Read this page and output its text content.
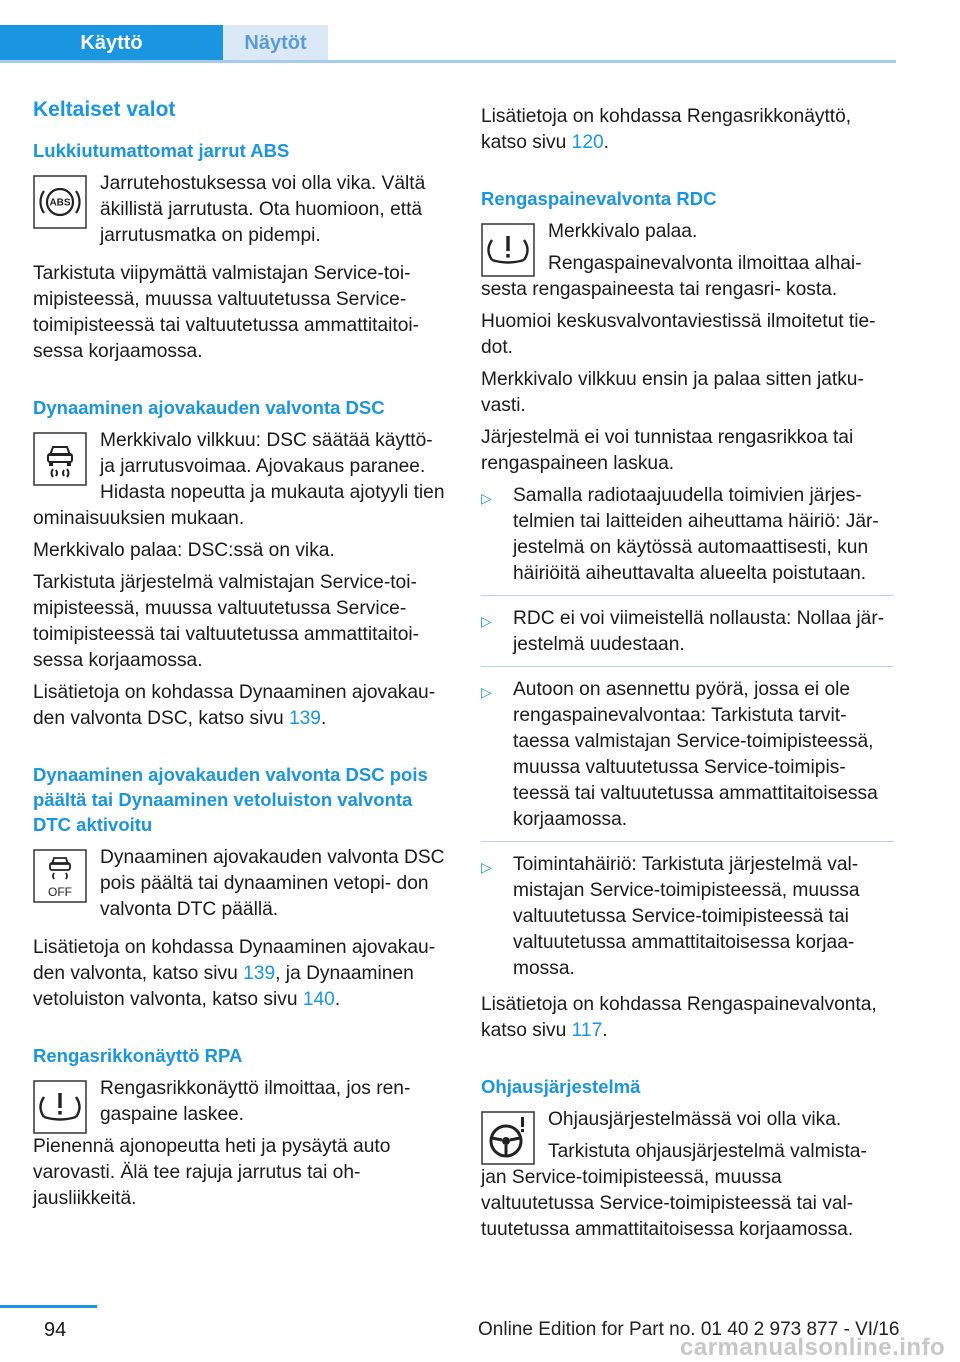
Käyttö	Näytöt
Keltaiset valot
Lukkiutumattomat jarrut ABS
ABS

Jarrutehostuksessa voi olla vika. Vältä äkillistä jarrutusta. Ota huomioon, että jarrutusmatka on pidempi.

Tarkistuta viipymättä valmistajan Service-toi- mipisteessä, muussa valtuutetussa Service- toimipisteessä tai valtuutetussa ammattitaitoi- sessa korjaamossa.

Dynaaminen ajovakauden valvonta DSC

Merkkivalo vilkkuu: DSC säätää käyttö- ja jarrutusvoimaa. Ajovakaus paranee. Hidasta nopeutta ja mukauta ajotyyli tien ominaisuuksien mukaan.

Merkkivalo palaa: DSC:ssä on vika.

Tarkistuta järjestelmä valmistajan Service-toi- mipisteessä, muussa valtuutetussa Service- toimipisteessä tai valtuutetussa ammattitaitoi- sessa korjaamossa.

Lisätietoja on kohdassa Dynaaminen ajovakau- den valvonta DSC, katso sivu 139.

Dynaaminen ajovakauden valvonta DSC pois päältä tai Dynaaminen vetoluiston valvonta DTC aktivoitu
OFF

Dynaaminen ajovakauden valvonta DSC pois päältä tai dynaaminen vetopi- don valvonta DTC päällä.

Lisätietoja on kohdassa Dynaaminen ajovakau- den valvonta, katso sivu 139, ja Dynaaminen vetoluiston valvonta, katso sivu 140.

Rengasrikkonäyttö RPA

Rengasrikkonäyttö ilmoittaa, jos ren- gaspaine laskee.

Pienennä ajonopeutta heti ja pysäytä auto varovasti. Älä tee rajuja jarrutus tai oh- jausliikkeitä.

Lisätietoja on kohdassa Rengasrikkonäyttö, katso sivu 120.

Rengaspainevalvonta RDC

Merkkivalo palaa.

Rengaspainevalvonta ilmoittaa alhai- sesta rengaspaineesta tai rengasri- kosta.

Huomioi keskusvalvontaviestissä ilmoitetut tie- dot.

Merkkivalo vilkkuu ensin ja palaa sitten jatku- vasti.

Järjestelmä ei voi tunnistaa rengasrikkoa tai rengaspaineen laskua.

▷ Samalla radiotaajuudella toimivien järjes- telmien tai laitteiden aiheuttama häiriö: Jär- jestelmä on käytössä automaattisesti, kun häiriöitä aiheuttavalta alueelta poistutaan.
▷ RDC ei voi viimeistellä nollausta: Nollaa jär- jestelmä uudestaan.
▷ Autoon on asennettu pyörä, jossa ei ole rengaspainevalvontaa: Tarkistuta tarvit- taessa valmistajan Service-toimipisteessä, muussa valtuutetussa Service-toimipis- teessä tai valtuutetussa ammattitaitoisessa korjaamossa.
▷ Toimintahäiriö: Tarkistuta järjestelmä val- mistajan Service-toimipisteessä, muussa valtuutetussa Service-toimipisteessä tai valtuutetussa ammattitaitoisessa korjaa- mossa.

Lisätietoja on kohdassa Rengaspainevalvonta, katso sivu 117.

Ohjausjärjestelmä

Ohjausjärjestelmässä voi olla vika.

Tarkistuta ohjausjärjestelmä valmista- jan Service-toimipisteessä, muussa valtuutetussa Service-toimipisteessä tai val- tuutetussa ammattitaitoisessa korjaamossa.

94	Online Edition for Part no. 01 40 2 973 877 - VI/16
carmanualsonline.info
